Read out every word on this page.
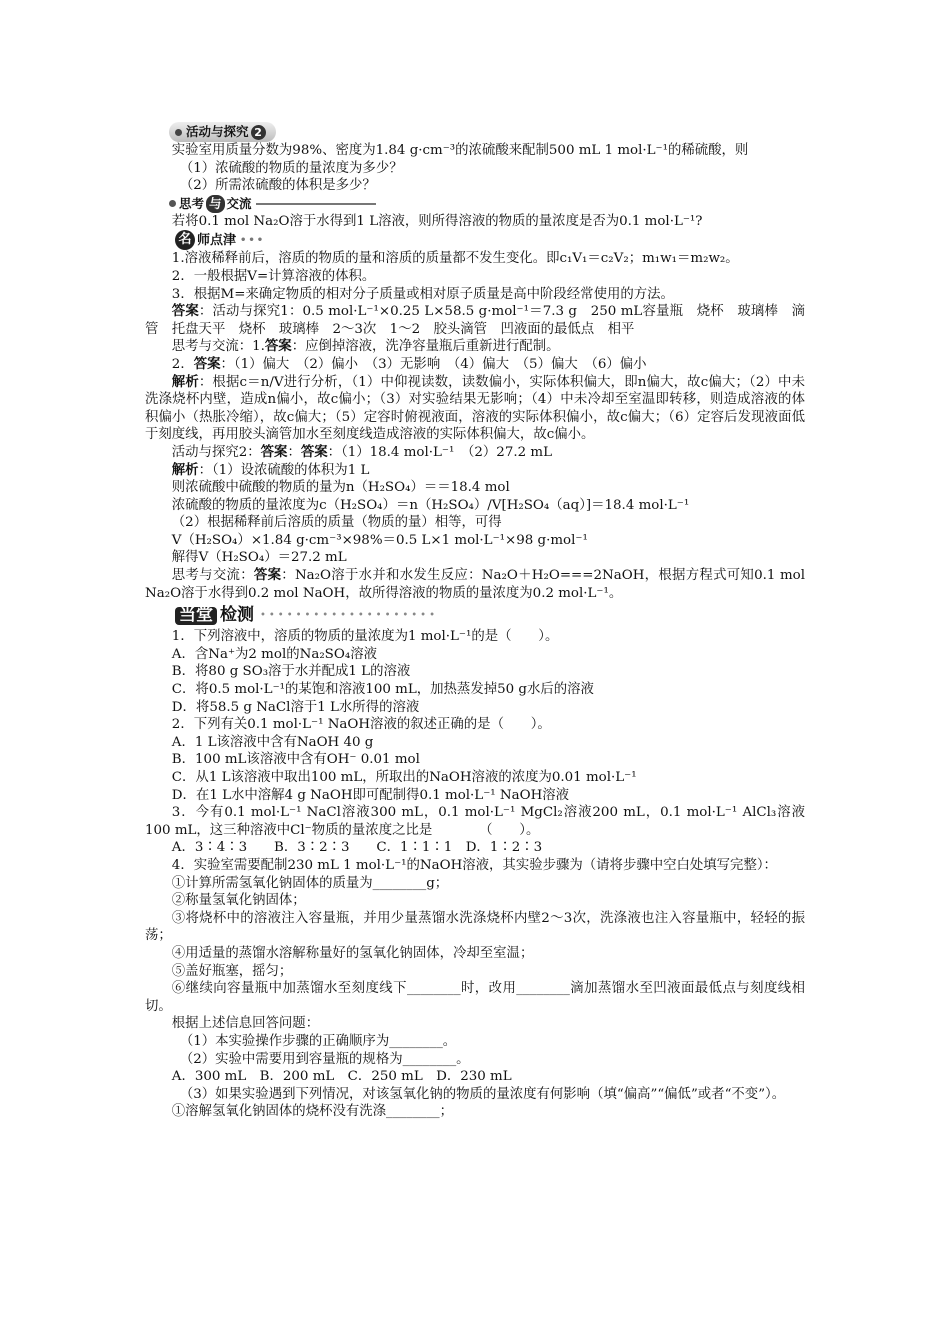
活动与探究 2

实验室用质量分数为98%、密度为1.84 g·cm⁻³的浓硫酸来配制500 mL 1 mol·L⁻¹的稀硫酸，则

（1）浓硫酸的物质的量浓度为多少？

（2）所需浓硫酸的体积是多少？

思考 与 交流

若将0.1 mol Na₂O溶于水得到1 L溶液，则所得溶液的物质的量浓度是否为0.1 mol·L⁻¹?

名 师点津 •••

1.溶液稀释前后，溶质的物质的量和溶质的质量都不发生变化。即c₁V₁＝c₂V₂；m₁w₁＝m₂w₂。

2．一般根据V=计算溶液的体积。

3．根据M=来确定物质的相对分子质量或相对原子质量是高中阶段经常使用的方法。

答案：活动与探究1：0.5 mol·L⁻¹×0.25 L×58.5 g·mol⁻¹＝7.3 g　250 mL容量瓶　烧杯　玻璃棒　滴管　托盘天平　烧杯　玻璃棒　2～3次　1～2　胶头滴管　凹液面的最低点　相平

思考与交流：1.答案：应倒掉溶液，洗净容量瓶后重新进行配制。

2．答案：（1）偏大　（2）偏小　（3）无影响　（4）偏大　（5）偏大　（6）偏小

解析：根据c＝n/V进行分析，（1）中仰视读数，读数偏小，实际体积偏大，即n偏大，故c偏大；（2）中未洗涤烧杯内壁，造成n偏小，故c偏小；（3）对实验结果无影响；（4）中未冷却至室温即转移，则造成溶液的体积偏小（热胀冷缩），故c偏大；（5）定容时俯视液面，溶液的实际体积偏小，故c偏大；（6）定容后发现液面低于刻度线，再用胶头滴管加水至刻度线造成溶液的实际体积偏大，故c偏小。

活动与探究2：答案：答案：（1）18.4 mol·L⁻¹　（2）27.2 mL

解析：（1）设浓硫酸的体积为1 L

则浓硫酸中硫酸的物质的量为n（H₂SO₄）＝＝18.4 mol

浓硫酸的物质的量浓度为c（H₂SO₄）＝n（H₂SO₄）/V[H₂SO₄（aq）]＝18.4 mol·L⁻¹

（2）根据稀释前后溶质的质量（物质的量）相等，可得

V（H₂SO₄）×1.84 g·cm⁻³×98%＝0.5 L×1 mol·L⁻¹×98 g·mol⁻¹

解得V（H₂SO₄）＝27.2 mL

思考与交流：答案：Na₂O溶于水并和水发生反应：Na₂O＋H₂O===2NaOH，根据方程式可知0.1 mol Na₂O溶于水得到0.2 mol NaOH，故所得溶液的物质的量浓度为0.2 mol·L⁻¹。

当堂 检测 ••••••••••••••••••••

1．下列溶液中，溶质的物质的量浓度为1 mol·L⁻¹的是（　　）。

A．含Na⁺为2 mol的Na₂SO₄溶液

B．将80 g SO₃溶于水并配成1 L的溶液

C．将0.5 mol·L⁻¹的某饱和溶液100 mL，加热蒸发掉50 g水后的溶液

D．将58.5 g NaCl溶于1 L水所得的溶液

2．下列有关0.1 mol·L⁻¹ NaOH溶液的叙述正确的是（　　）。

A．1 L该溶液中含有NaOH 40 g

B．100 mL该溶液中含有OH⁻ 0.01 mol

C．从1 L该溶液中取出100 mL，所取出的NaOH溶液的浓度为0.01 mol·L⁻¹

D．在1 L水中溶解4 g NaOH即可配制得0.1 mol·L⁻¹ NaOH溶液

3．今有0.1 mol·L⁻¹ NaCl溶液300 mL，0.1 mol·L⁻¹ MgCl₂溶液200 mL，0.1 mol·L⁻¹ AlCl₃溶液100 mL，这三种溶液中Cl⁻物质的量浓度之比是　　　　（　　）。

A．3∶4∶3　　B．3∶2∶3　　C．1∶1∶1　D．1∶2∶3

4．实验室需要配制230 mL 1 mol·L⁻¹的NaOH溶液，其实验步骤为（请将步骤中空白处填写完整）：

①计算所需氢氧化钠固体的质量为________g；

②称量氢氧化钠固体；

③将烧杯中的溶液注入容量瓶，并用少量蒸馏水洗涤烧杯内壁2～3次，洗涤液也注入容量瓶中，轻轻的振荡；

④用适量的蒸馏水溶解称量好的氢氧化钠固体，冷却至室温；

⑤盖好瓶塞，摇匀；

⑥继续向容量瓶中加蒸馏水至刻度线下________时，改用________滴加蒸馏水至凹液面最低点与刻度线相切。

根据上述信息回答问题：

（1）本实验操作步骤的正确顺序为________。

（2）实验中需要用到容量瓶的规格为________。

A．300 mL　B．200 mL　C．250 mL　D．230 mL

（3）如果实验遇到下列情况，对该氢氧化钠的物质的量浓度有何影响（填“偏高”“偏低”或者“不变”）。

①溶解氢氧化钠固体的烧杯没有洗涤________；
